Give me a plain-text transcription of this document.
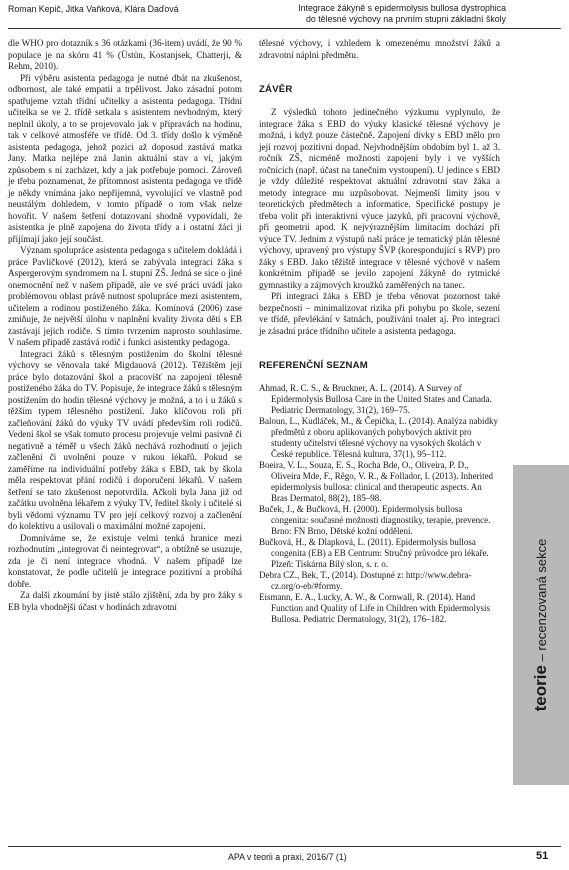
Roman Kepič, Jitka Vaňková, Klára Daďová	Integrace žákyně s epidermolysis bullosa dystrophica
do tělesné výchovy na prvním stupni základní školy

dle WHO pro dotazník s 36 otázkami (36-item) uvádí, že 90 % populace je na skóru 41 % (Üstün, Kostanjsek, Chatterji, & Rehm, 2010).

Při výběru asistenta pedagoga je nutné dbát na zkušenost, odbornost, ale také empatii a trpělivost. Jako zásadní potom spatřujeme vztah třídní učitelky a asistenta pedagoga. Třídní učitelka se ve 2. třídě setkala s asistentem nevhodným, který neplnil úkoly, a to se projevovalo jak v přípravách na hodinu, tak v celkové atmosféře ve třídě. Od 3. třídy došlo k výměně asistenta pedagoga, jehož pozici až doposud zastává matka Jany. Matka nejlépe zná Janin aktuální stav a ví, jakým způsobem s ní zacházet, kdy a jak potřebuje pomoci. Zároveň je třeba poznamenat, že přítomnost asistenta pedagoga ve třídě je někdy vnímána jako nepříjemná, vyvolující ve vlastně pod neustálým dohledem, v tomto případě o tom však nelze hovořit. V našem šetření dotazovaní shodně vypovídali, že asistentka je plně zapojena do života třídy a i ostatní žáci ji přijímají jako její součást.

Význam spolupráce asistenta pedagoga s učitelem dokládá i práce Pavlíčkové (2012), která se zabývala integrací žáka s Aspergerovým syndromem na I. stupni ZŠ. Jedná se sice o jiné onemocnění než v našem případě, ale ve své práci uvádí jako problémovou oblast právě nutnost spolupráce mezi asistentem, učitelem a rodinou postiženého žáka. Komínová (2006) zase zmiňuje, že největší úlohu v naplnění kvality života dětí s EB zastávají jejich rodiče. S tímto tvrzením naprosto souhlasíme. V našem případě zastává rodič i funkci asistentky pedagoga.

Integraci žáků s tělesným postižením do školní tělesné výchovy se věnovala také Migdauová (2012). Těžištěm její práce bylo dotazování škol a pracovišť na zapojení tělesně postiženého žáka do TV. Popisuje, že integrace žáků s tělesným postižením do hodin tělesné výchovy je možná, a to i u žáků s těžším typem tělesného postižení. Jako klíčovou roli při začleňování žáků do výuky TV uvádí především roli rodičů. Vedení škol se však tomuto procesu projevuje velmi pasivně či negativně a téměř u všech žáků nechává rozhodnutí o jejich začlenění či uvolnění pouze v rukou lékařů. Pokud se zaměříme na individuální potřeby žáka s EBD, tak by škola měla respektovat přání rodičů i doporučení lékařů. V našem šetření se tato zkušenost nepotvrdila. Ačkoli byla Jana již od začátku uvolněna lékařem z výuky TV, ředitel školy i učitelé si byli vědomi významu TV pro její celkový rozvoj a začlenění do kolektivu a usilovali o maximální možné zapojení.

Domníváme se, že existuje velmi tenká hranice mezi rozhodnutím „integrovat či neintegrovat“, a obtížně se usuzuje, zda je či není integrace vhodná. V našem případě lze konstatovat, že podle učitelů je integrace pozitivní a probíhá dobře.

Za další zkoumání by jistě stálo zjištění, zda by pro žáky s EB byla vhodnější účast v hodinách zdravotní

tělesné výchovy, i vzhledem k omezenému množství žáků a zdravotní náplni předmětu.

ZÁVĚR

Z výsledků tohoto jedinečného výzkumu vyplynulo, že integrace žáka s EBD do výuky klasické tělesné výchovy je možná, i když pouze částečně. Zapojení dívky s EBD mělo pro její rozvoj pozitivní dopad. Nejvhodnějším obdobím byl 1. až 3. ročník ZŠ, nicméně možnosti zapojení byly i ve vyšších ročnících (např. účast na tanečním vystoupení). U jedince s EBD je vždy důležité respektovat aktuální zdravotní stav žáka a metody integrace mu uzpůsobovat. Nejmenší limity jsou v teoretických předmětech a informatice. Specifické postupy je třeba volit při interaktivní výuce jazyků, při pracovní výchově, při geometrii apod. K nejvýraznějším limitacím dochází při výuce TV. Jedním z výstupů naší práce je tematický plán tělesné výchovy, upravený pro výstupy ŠVP (korespondující s RVP) pro žáky s EBD. Jako těžiště integrace v tělesné výchově v našem konkrétním případě se jevilo zapojení žákyně do rytmické gymnastiky a zájmových kroužků zaměřených na tanec.

Při integraci žáka s EBD je třeba věnovat pozornost také bezpečnosti – minimalizovat rizika při pohybu po škole, sezení ve třídě, převlékání v šatnách, používání toalet aj. Pro integraci je zásadní práce třídního učitele a asistenta pedagoga.

REFERENČNÍ SEZNAM

Ahmad, R. C. S., & Bruckner, A. L. (2014). A Survey of Epidermolysis Bullosa Care in the United States and Canada. Pediatric Dermatology, 31(2), 169–75.

Baloun, L., Kudláček, M., & Čepička, L. (2014). Analýza nabídky předmětů z oboru aplikovaných pohybových aktivit pro studenty učitelství tělesné výchovy na vysokých školách v České republice. Tělesná kultura, 37(1), 95–112.

Boeira, V. L., Souza, E. S., Rocha Bde, O., Oliveira, P. D., Oliveira Mde, F., Rêgo, V. R., & Follador, I. (2013). Inherited epidermolysis bullosa: clinical and therapeutic aspects. An Bras Dermatol, 88(2), 185–98.

Buček, J., & Bučková, H. (2000). Epidermolysis bullosa congenita: současné možnosti diagnostiky, terapie, prevence. Brno: FN Brno, Dětské kožní oddělení.

Bučková, H., & Dlapková, L. (2011). Epidermolysis bullosa congenita (EB) a EB Centrum: Stručný průvodce pro lékaře. Plzeň: Tiskárna Bílý slon, s. r. o.

Debra CZ., Bek, T., (2014). Dostupné z: http://www.debra-cz.org/o-eb/#formy.

Eismann, E. A., Lucky, A. W., & Cornwall, R. (2014). Hand Function and Quality of Life in Children with Epidermolysis Bullosa. Pediatric Dermatology, 31(2), 176–182.

teorie – recenzovaná sekce
APA v teorii a praxi, 2016/7 (1)	51
